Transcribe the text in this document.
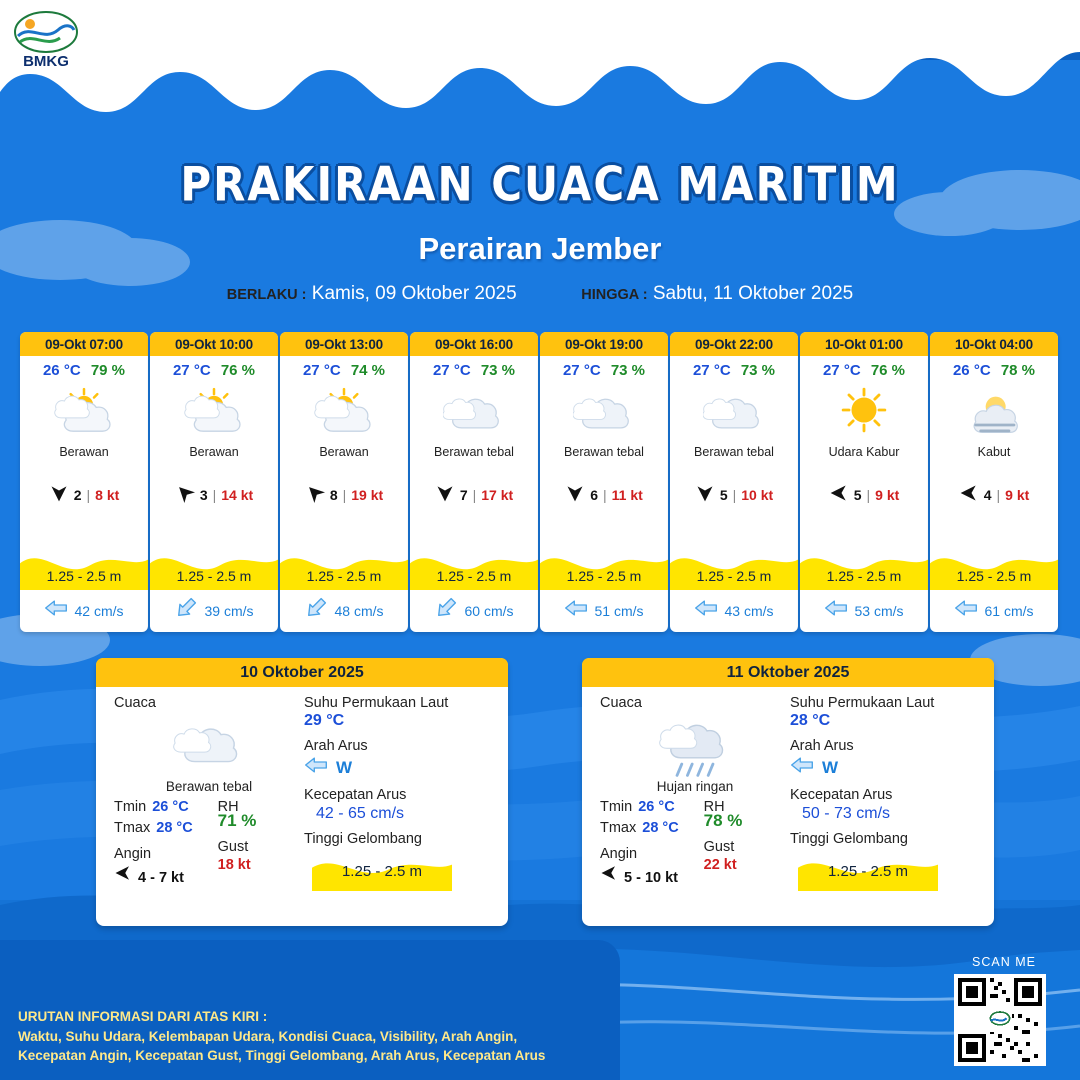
BMKG
BADAN METEOROLOGI KLIMATOLOGI DAN GEOFISIKA
Stasiun Meteorologi Maritim Tj. Perak Surabaya
PRAKIRAAN CUACA MARITIM
Perairan Jember
BERLAKU : Kamis, 09 Oktober 2025	HINGGA : Sabtu, 11 Oktober 2025
09-Okt 07:00
26 °C 79 %
Berawan
2 | 8 kt
1.25 - 2.5 m
42 cm/s
09-Okt 10:00
27 °C 76 %
Berawan
3 | 14 kt
1.25 - 2.5 m
39 cm/s
09-Okt 13:00
27 °C 74 %
Berawan
8 | 19 kt
1.25 - 2.5 m
48 cm/s
09-Okt 16:00
27 °C 73 %
Berawan tebal
7 | 17 kt
1.25 - 2.5 m
60 cm/s
09-Okt 19:00
27 °C 73 %
Berawan tebal
6 | 11 kt
1.25 - 2.5 m
51 cm/s
09-Okt 22:00
27 °C 73 %
Berawan tebal
5 | 10 kt
1.25 - 2.5 m
43 cm/s
10-Okt 01:00
27 °C 76 %
Udara Kabur
5 | 9 kt
1.25 - 2.5 m
53 cm/s
10-Okt 04:00
26 °C 78 %
Kabut
4 | 9 kt
1.25 - 2.5 m
61 cm/s
10 Oktober 2025
Cuaca
Berawan tebal
Tmin 26 °C
Tmax 28 °C
Angin
4 - 7 kt
RH
71 %
Gust
18 kt
Suhu Permukaan Laut
29 °C
Arah Arus
W
Kecepatan Arus
42 - 65 cm/s
Tinggi Gelombang
1.25 - 2.5 m
11 Oktober 2025
Cuaca
Hujan ringan
Tmin 26 °C
Tmax 28 °C
Angin
5 - 10 kt
RH
78 %
Gust
22 kt
Suhu Permukaan Laut
28 °C
Arah Arus
W
Kecepatan Arus
50 - 73 cm/s
Tinggi Gelombang
1.25 - 2.5 m
URUTAN INFORMASI DARI ATAS KIRI :
Waktu, Suhu Udara, Kelembapan Udara, Kondisi Cuaca, Visibility, Arah Angin,
Kecepatan Angin, Kecepatan Gust, Tinggi Gelombang, Arah Arus, Kecepatan Arus
SCAN ME
